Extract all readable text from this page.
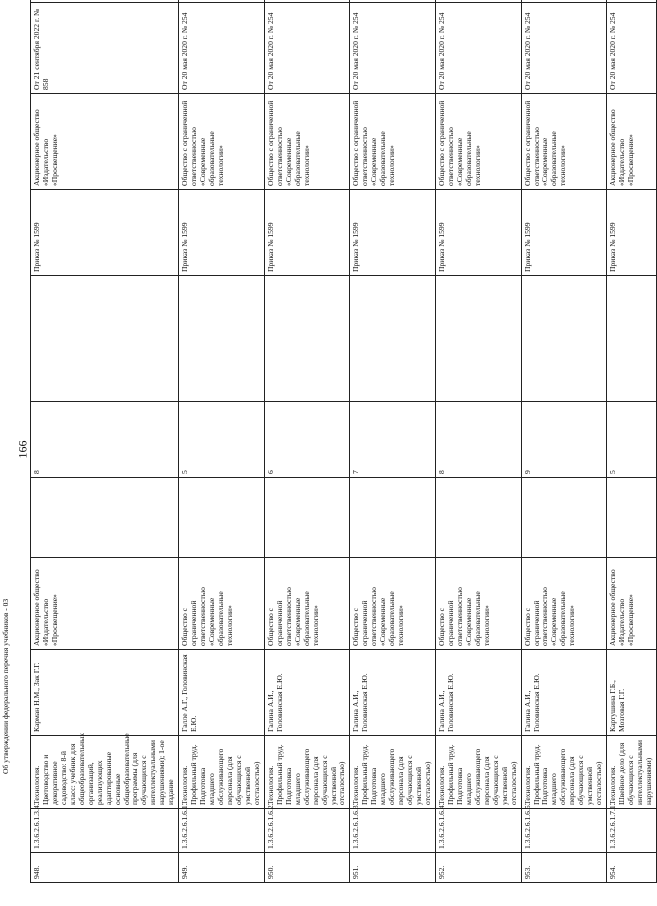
948.	1.3.6.2.6.1.3.4.	Технология. Цветоводство и декоративное садоводство: 8-й класс: учебник для общеобразовательных организаций, реализующих адаптированные основные общеобразовательные программы (для обучающихся с интеллектуальными нарушениями); 1-ое издание	Карман Н.М., Зак Г.Г.	Акционерное общество «Издательство «Просвещение»		8		Приказ № 1599	Акционерное общество «Издательство «Просвещение»	От 21 сентября 2022 г. № 858	
949.	1.3.6.2.6.1.6.1.	Технология. Профильный труд. Подготовка младшего обслуживающего персонала (для обучающихся с умственной отсталостью)	Галле А.Г., Головинская Е.Ю.	Общество с ограниченной ответственностью «Современные образовательные технологии»		5		Приказ № 1599	Общество с ограниченной ответственностью «Современные образовательные технологии»	От 20 мая 2020 г. № 254	
950.	1.3.6.2.6.1.6.2.	Технология. Профильный труд. Подготовка младшего обслуживающего персонала (для обучающихся с умственной отсталостью)	Галина А.И., Головинская Е.Ю.	Общество с ограниченной ответственностью «Современные образовательные технологии»		6		Приказ № 1599	Общество с ограниченной ответственностью «Современные образовательные технологии»	От 20 мая 2020 г. № 254	
951.	1.3.6.2.6.1.6.3.	Технология. Профильный труд. Подготовка младшего обслуживающего персонала (для обучающихся с умственной отсталостью)	Галина А.И., Головинская Е.Ю.	Общество с ограниченной ответственностью «Современные образовательные технологии»		7		Приказ № 1599	Общество с ограниченной ответственностью «Современные образовательные технологии»	От 20 мая 2020 г. № 254	
952.	1.3.6.2.6.1.6.4.	Технология. Профильный труд. Подготовка младшего обслуживающего персонала (для обучающихся с умственной отсталостью)	Галина А.И., Головинская Е.Ю.	Общество с ограниченной ответственностью «Современные образовательные технологии»		8		Приказ № 1599	Общество с ограниченной ответственностью «Современные образовательные технологии»	От 20 мая 2020 г. № 254	
953.	1.3.6.2.6.1.6.5.	Технология. Профильный труд. Подготовка младшего обслуживающего персонала (для обучающихся с умственной отсталостью)	Галина А.И., Головинская Е.Ю.	Общество с ограниченной ответственностью «Современные образовательные технологии»		9		Приказ № 1599	Общество с ограниченной ответственностью «Современные образовательные технологии»	От 20 мая 2020 г. № 254	
954.	1.3.6.2.6.1.7.1.	Технология. Швейное дело (для обучающихся с интеллектуальными нарушениями)	Картушина Г.Б., Мозговая Г.Г.	Акционерное общество «Издательство «Просвещение»		5		Приказ № 1599	Акционерное общество «Издательство «Просвещение»	От 20 мая 2020 г. № 254	
166
Об утверждении федерального перечня учебников - 03
